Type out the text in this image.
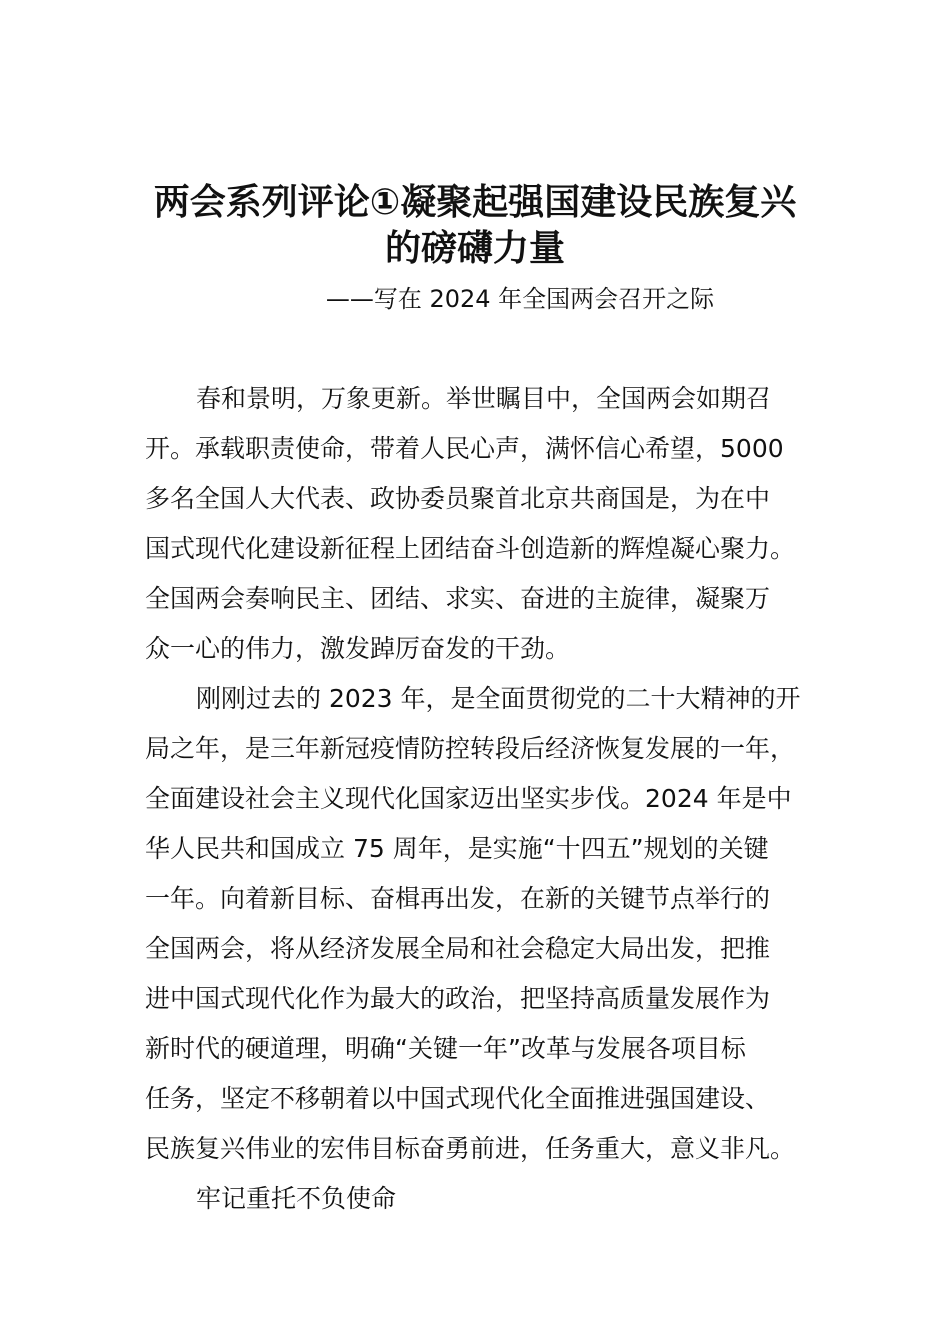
两会系列评论①凝聚起强国建设民族复兴
的磅礴力量

——写在 2024 年全国两会召开之际

春和景明，万象更新。举世瞩目中，全国两会如期召

开。承载职责使命，带着人民心声，满怀信心希望，5000

多名全国人大代表、政协委员聚首北京共商国是，为在中

国式现代化建设新征程上团结奋斗创造新的辉煌凝心聚力。

全国两会奏响民主、团结、求实、奋进的主旋律，凝聚万

众一心的伟力，激发踔厉奋发的干劲。

刚刚过去的 2023 年，是全面贯彻党的二十大精神的开

局之年，是三年新冠疫情防控转段后经济恢复发展的一年，

全面建设社会主义现代化国家迈出坚实步伐。2024 年是中

华人民共和国成立 75 周年，是实施“十四五”规划的关键

一年。向着新目标、奋楫再出发，在新的关键节点举行的

全国两会，将从经济发展全局和社会稳定大局出发，把推

进中国式现代化作为最大的政治，把坚持高质量发展作为

新时代的硬道理，明确“关键一年”改革与发展各项目标

任务，坚定不移朝着以中国式现代化全面推进强国建设、

民族复兴伟业的宏伟目标奋勇前进，任务重大，意义非凡。

牢记重托不负使命
